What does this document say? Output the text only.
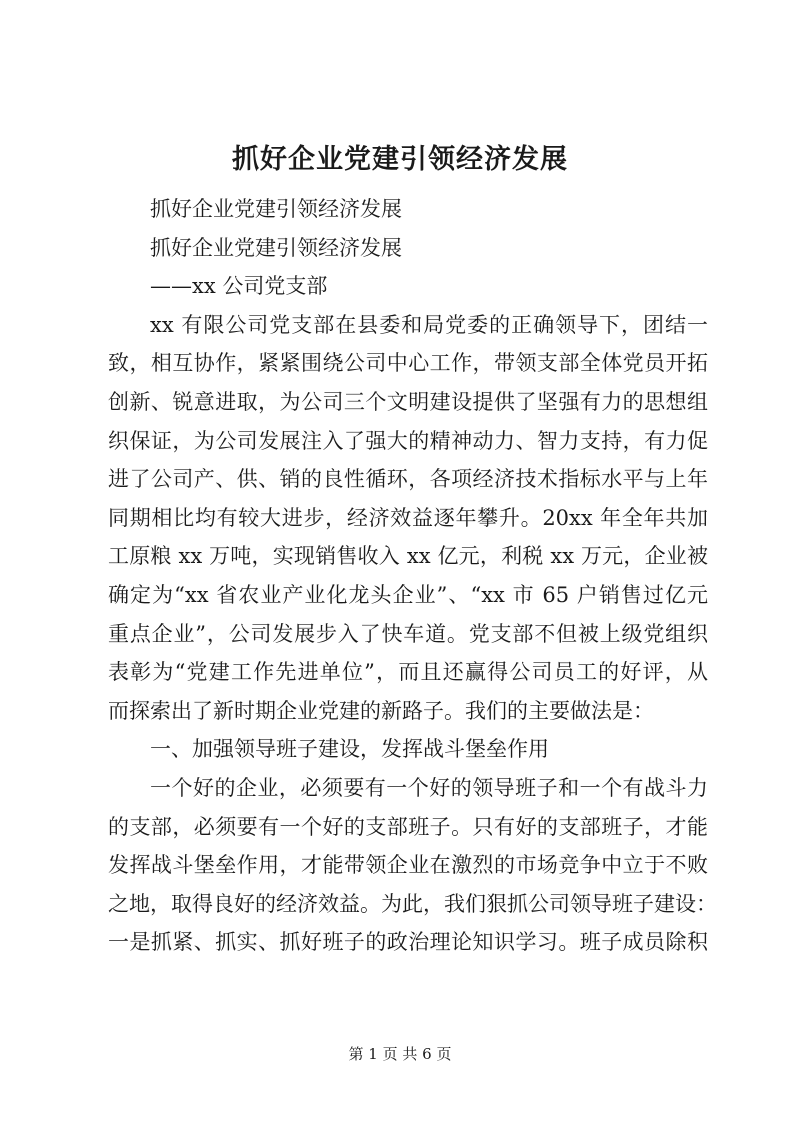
抓好企业党建引领经济发展
抓好企业党建引领经济发展
抓好企业党建引领经济发展
——xx 公司党支部
xx 有限公司党支部在县委和局党委的正确领导下，团结一
致，相互协作，紧紧围绕公司中心工作，带领支部全体党员开拓
创新、锐意进取，为公司三个文明建设提供了坚强有力的思想组
织保证，为公司发展注入了强大的精神动力、智力支持，有力促
进了公司产、供、销的良性循环，各项经济技术指标水平与上年
同期相比均有较大进步，经济效益逐年攀升。20xx 年全年共加
工原粮 xx 万吨，实现销售收入 xx 亿元，利税 xx 万元，企业被
确定为“xx 省农业产业化龙头企业”、“xx 市 65 户销售过亿元
重点企业”，公司发展步入了快车道。党支部不但被上级党组织
表彰为“党建工作先进单位”，而且还赢得公司员工的好评，从
而探索出了新时期企业党建的新路子。我们的主要做法是：
一、加强领导班子建设，发挥战斗堡垒作用
一个好的企业，必须要有一个好的领导班子和一个有战斗力
的支部，必须要有一个好的支部班子。只有好的支部班子，才能
发挥战斗堡垒作用，才能带领企业在激烈的市场竞争中立于不败
之地，取得良好的经济效益。为此，我们狠抓公司领导班子建设：
一是抓紧、抓实、抓好班子的政治理论知识学习。班子成员除积
第 1 页 共 6 页
